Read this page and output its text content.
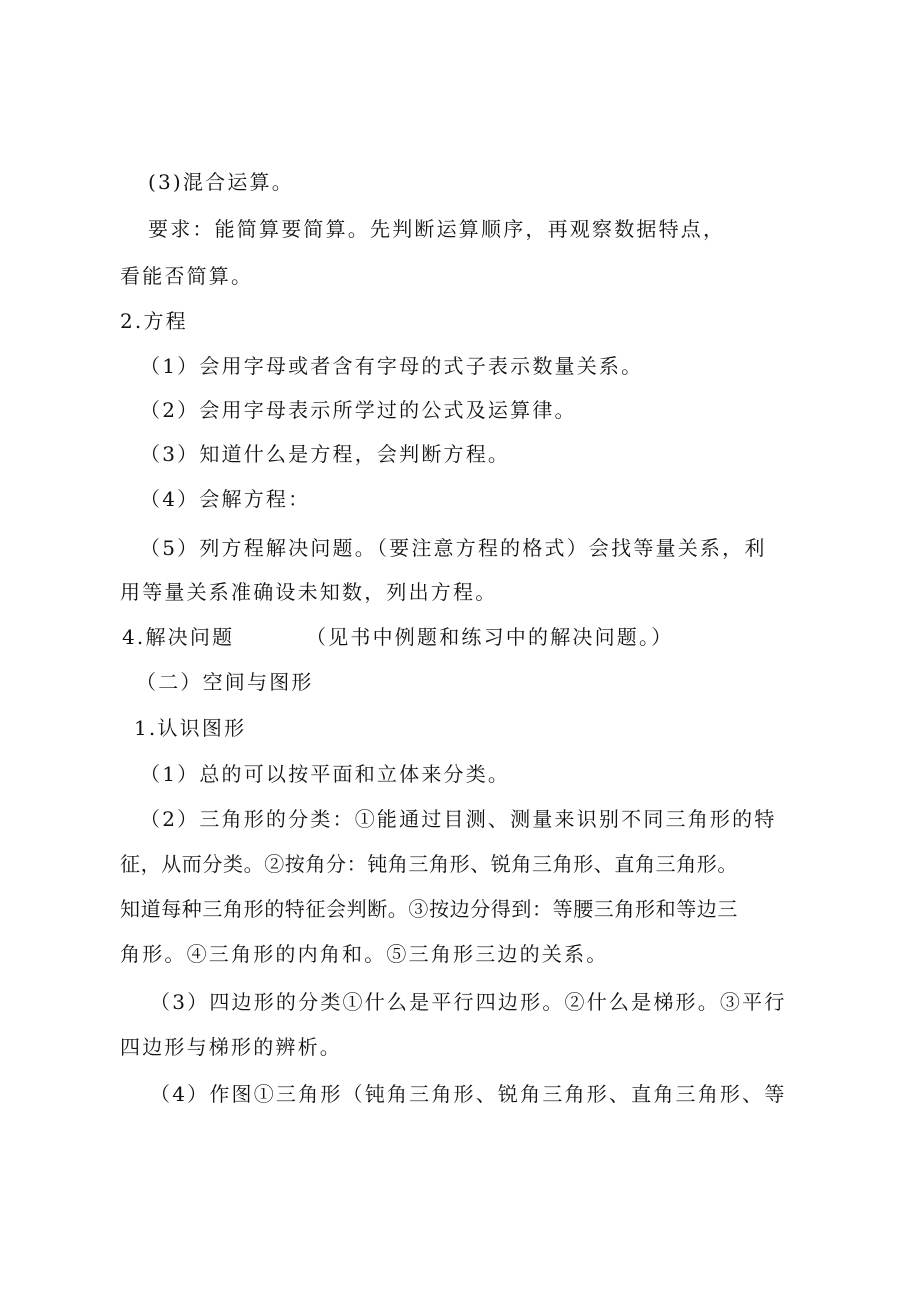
(3)混合运算。
要求：能简算要简算。先判断运算顺序，再观察数据特点，
看能否简算。
2.方程
（1）会用字母或者含有字母的式子表示数量关系。
（2）会用字母表示所学过的公式及运算律。
（3）知道什么是方程，会判断方程。
（4）会解方程：
（5）列方程解决问题。（要注意方程的格式）会找等量关系，利
用等量关系准确设未知数，列出方程。
4.解决问题	（见书中例题和练习中的解决问题。）
（二）空间与图形
1.认识图形
（1）总的可以按平面和立体来分类。
（2）三角形的分类：①能通过目测、测量来识别不同三角形的特
征，从而分类。②按角分：钝角三角形、锐角三角形、直角三角形。
知道每种三角形的特征会判断。③按边分得到：等腰三角形和等边三
角形。④三角形的内角和。⑤三角形三边的关系。
（3）四边形的分类①什么是平行四边形。②什么是梯形。③平行
四边形与梯形的辨析。
（4）作图①三角形（钝角三角形、锐角三角形、直角三角形、等
